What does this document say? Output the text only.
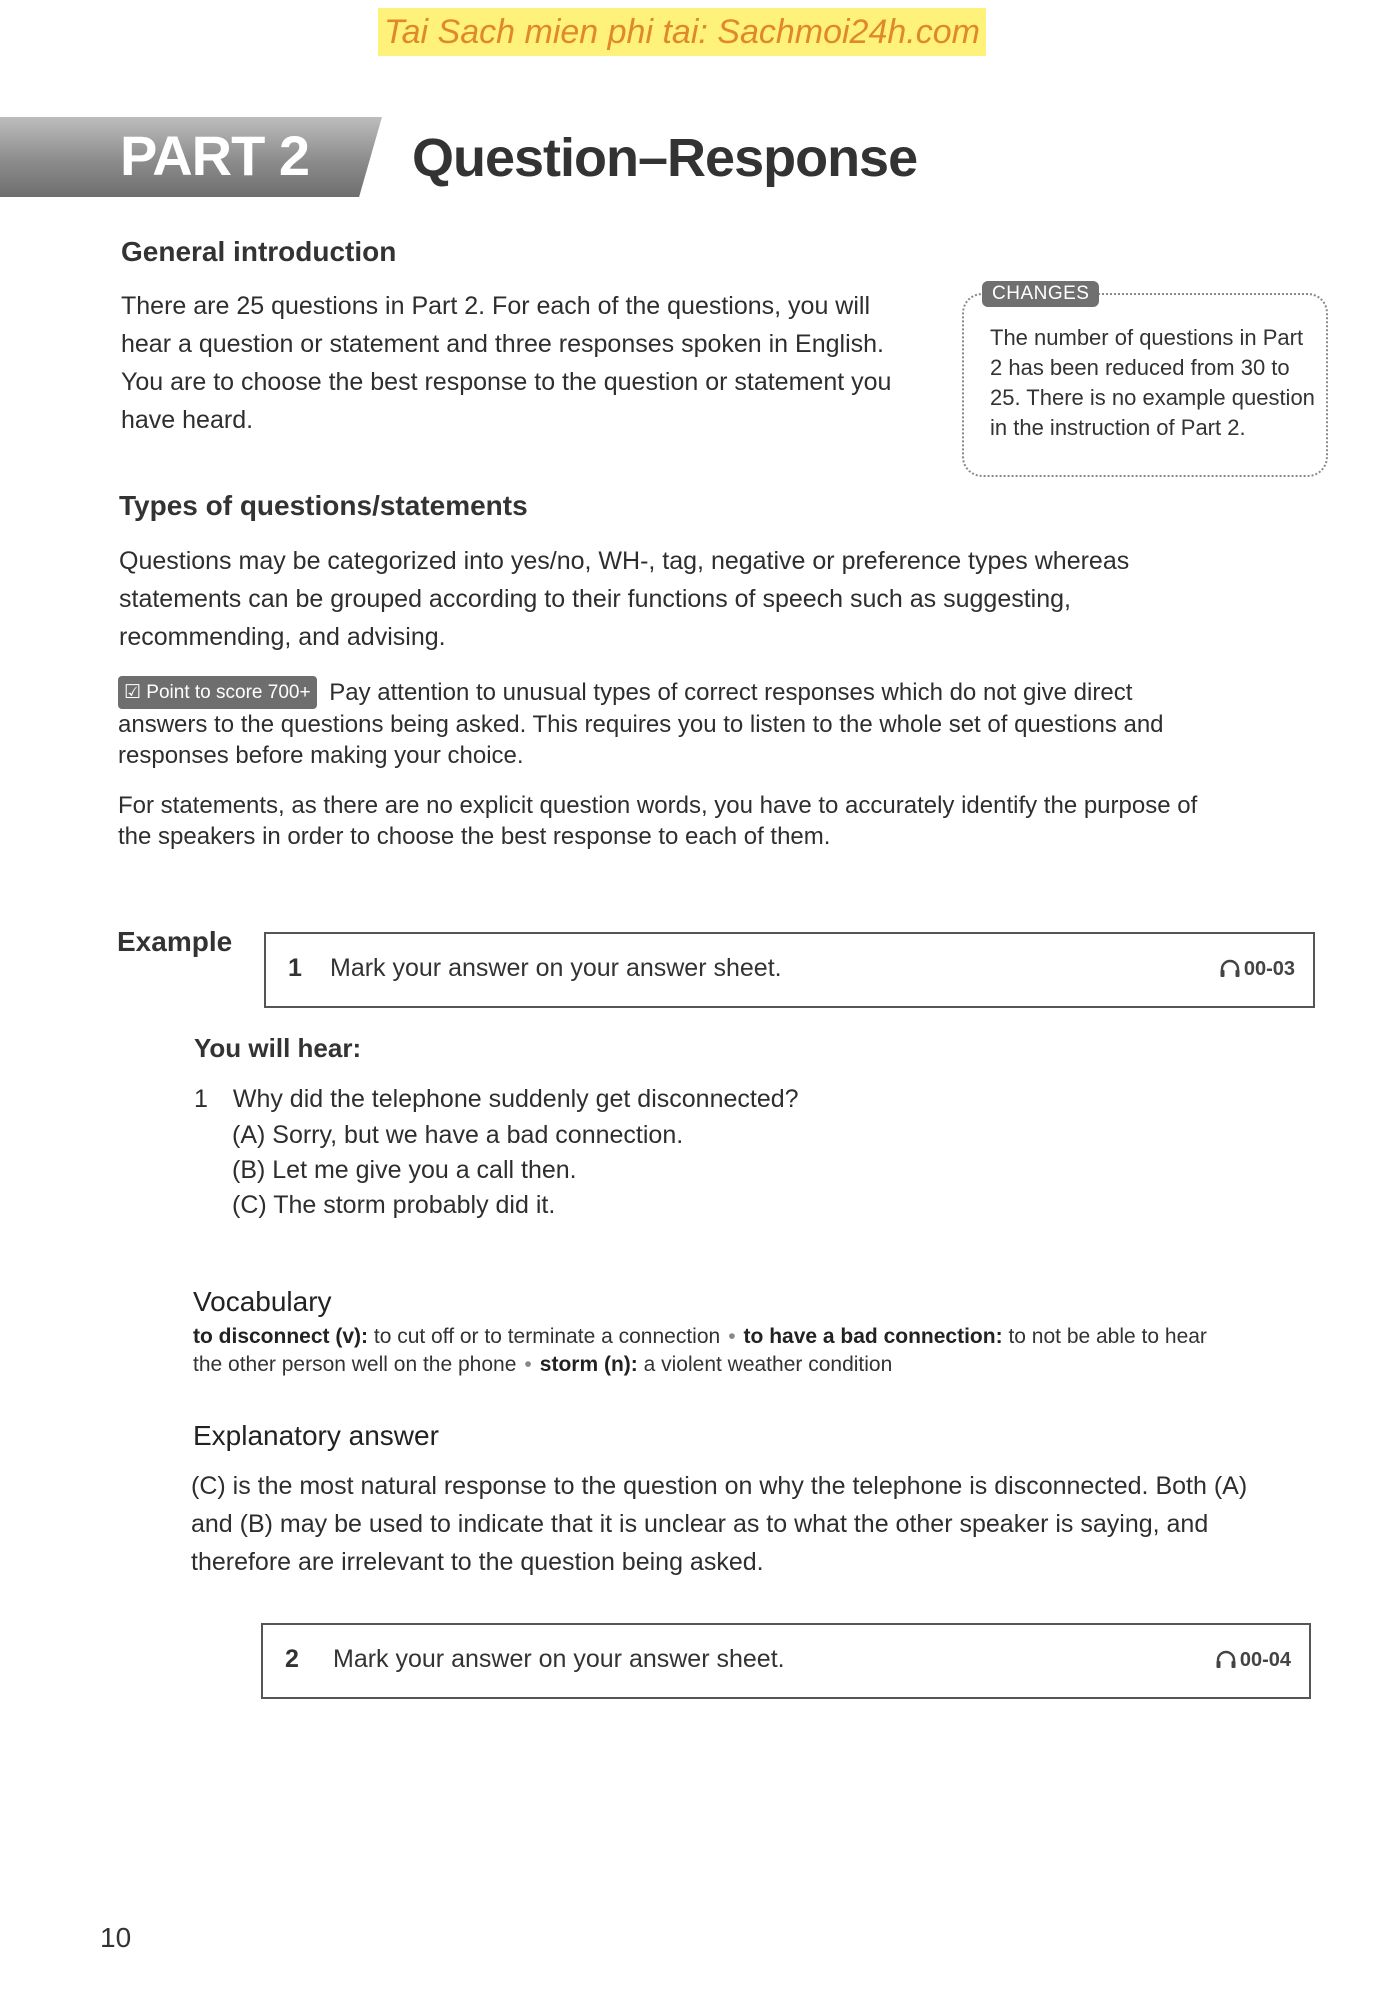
Tai Sach mien phi tai: Sachmoi24h.com
PART 2 Question–Response
General introduction
There are 25 questions in Part 2. For each of the questions, you will
hear a question or statement and three responses spoken in English.
You are to choose the best response to the question or statement you
have heard.
CHANGES
The number of questions in Part
2 has been reduced from 30 to
25. There is no example question
in the instruction of Part 2.
Types of questions/statements
Questions may be categorized into yes/no, WH-, tag, negative or preference types whereas
statements can be grouped according to their functions of speech such as suggesting,
recommending, and advising.
☑ Point to score 700+ Pay attention to unusual types of correct responses which do not give direct
answers to the questions being asked. This requires you to listen to the whole set of questions and
responses before making your choice.
For statements, as there are no explicit question words, you have to accurately identify the purpose of
the speakers in order to choose the best response to each of them.
Example
1 Mark your answer on your answer sheet.	00-03
You will hear:
1 Why did the telephone suddenly get disconnected?
(A) Sorry, but we have a bad connection.
(B) Let me give you a call then.
(C) The storm probably did it.
Vocabulary
to disconnect (v): to cut off or to terminate a connection • to have a bad connection: to not be able to hear
the other person well on the phone • storm (n): a violent weather condition
Explanatory answer
(C) is the most natural response to the question on why the telephone is disconnected. Both (A)
and (B) may be used to indicate that it is unclear as to what the other speaker is saying, and
therefore are irrelevant to the question being asked.
2 Mark your answer on your answer sheet.	00-04
10
